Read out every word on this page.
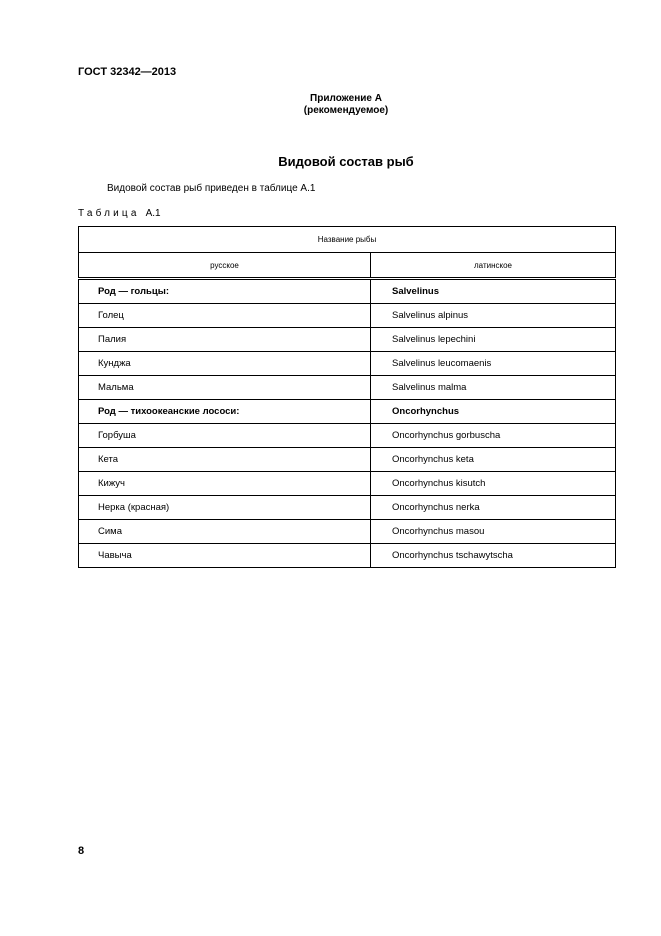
ГОСТ 32342—2013
Приложение А
(рекомендуемое)
Видовой состав рыб
Видовой состав рыб приведен в таблице А.1
Таблица А.1
Название рыбы	
русское	латинское
Род — гольцы:	Salvelinus
Голец	Salvelinus alpinus
Палия	Salvelinus lepechini
Кунджа	Salvelinus leucomaenis
Мальма	Salvelinus malma
Род — тихоокеанские лососи:	Oncorhynchus
Горбуша	Oncorhynchus gorbuscha
Кета	Oncorhynchus keta
Кижуч	Oncorhynchus kisutch
Нерка (красная)	Oncorhynchus nerka
Сима	Oncorhynchus masou
Чавыча	Oncorhynchus tschawytscha
8
